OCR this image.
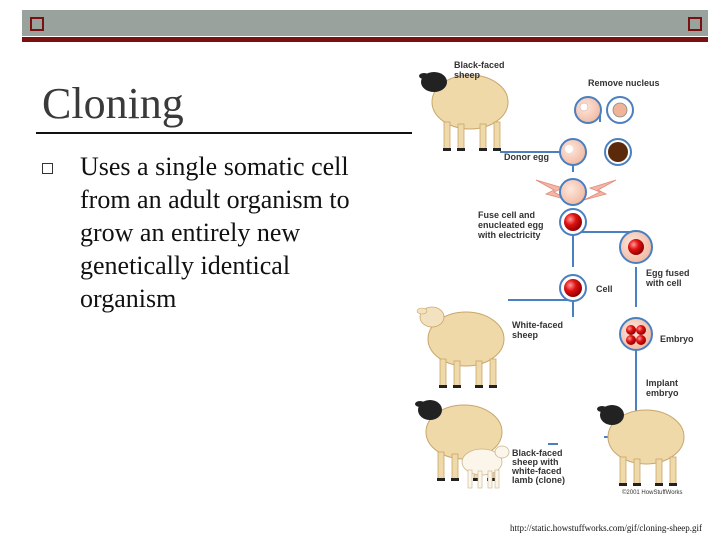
Cloning

Uses a single somatic cell from an adult organism to grow an entirely new genetically identical organism

Black-faced sheep
Remove nucleus
Donor egg
Fuse cell and enucleated egg with electricity
Egg fused with cell
Cell
White-faced sheep	Embryo
Implant embryo
Black-faced sheep with white-faced lamb (clone)
©2001 HowStuffWorks
http://static.howstuffworks.com/gif/cloning-sheep.gif
